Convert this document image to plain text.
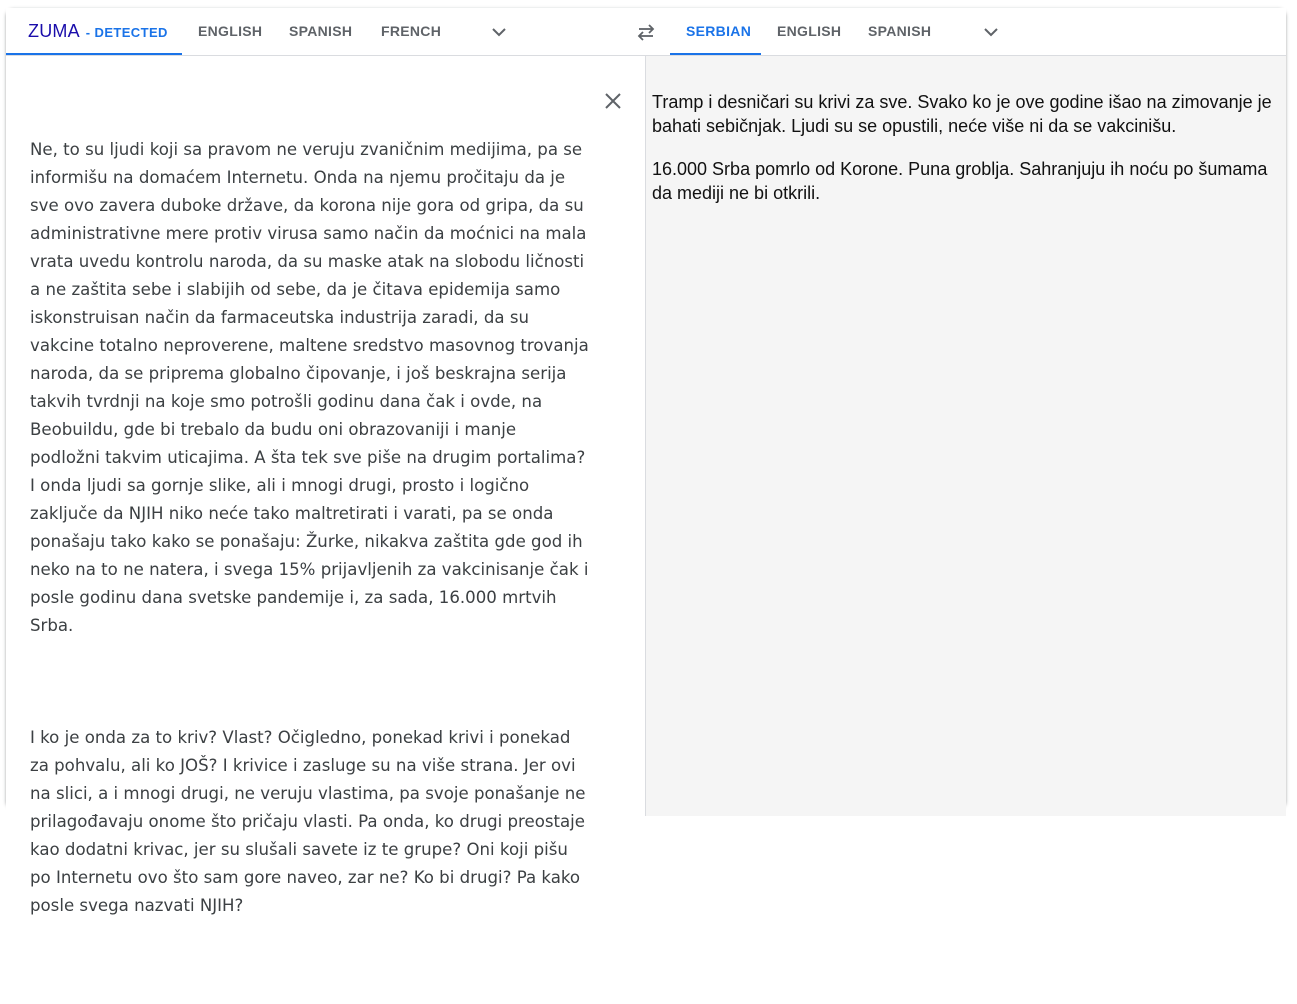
ZUMA - DETECTED ENGLISH SPANISH FRENCH	SERBIAN ENGLISH SPANISH

Ne, to su ljudi koji sa pravom ne veruju zvaničnim medijima, pa se informišu na domaćem Internetu. Onda na njemu pročitaju da je sve ovo zavera duboke države, da korona nije gora od gripa, da su administrativne mere protiv virusa samo način da moćnici na mala vrata uvedu kontrolu naroda, da su maske atak na slobodu ličnosti a ne zaštita sebe i slabijih od sebe, da je čitava epidemija samo iskonstruisan način da farmaceutska industrija zaradi, da su vakcine totalno neproverene, maltene sredstvo masovnog trovanja naroda, da se priprema globalno čipovanje, i još beskrajna serija takvih tvrdnji na koje smo potrošli godinu dana čak i ovde, na Beobuildu, gde bi trebalo da budu oni obrazovaniji i manje podložni takvim uticajima. A šta tek sve piše na drugim portalima? I onda ljudi sa gornje slike, ali i mnogi drugi, prosto i logično zaključe da NJIH niko neće tako maltretirati i varati, pa se onda ponašaju tako kako se ponašaju: Žurke, nikakva zaštita gde god ih neko na to ne natera, i svega 15% prijavljenih za vakcinisanje čak i posle godinu dana svetske pandemije i, za sada, 16.000 mrtvih Srba.

I ko je onda za to kriv? Vlast? Očigledno, ponekad krivi i ponekad za pohvalu, ali ko JOŠ? I krivice i zasluge su na više strana. Jer ovi na slici, a i mnogi drugi, ne veruju vlastima, pa svoje ponašanje ne prilagođavaju onome što pričaju vlasti. Pa onda, ko drugi preostaje kao dodatni krivac, jer su slušali savete iz te grupe? Oni koji pišu po Internetu ovo što sam gore naveo, zar ne? Ko bi drugi? Pa kako posle svega nazvati NJIH?

Tramp i desničari su krivi za sve. Svako ko je ove godine išao na zimovanje je bahati sebičnjak. Ljudi su se opustili, neće više ni da se vakcinišu.

16.000 Srba pomrlo od Korone. Puna groblja. Sahranjuju ih noću po šumama da mediji ne bi otkrili.
